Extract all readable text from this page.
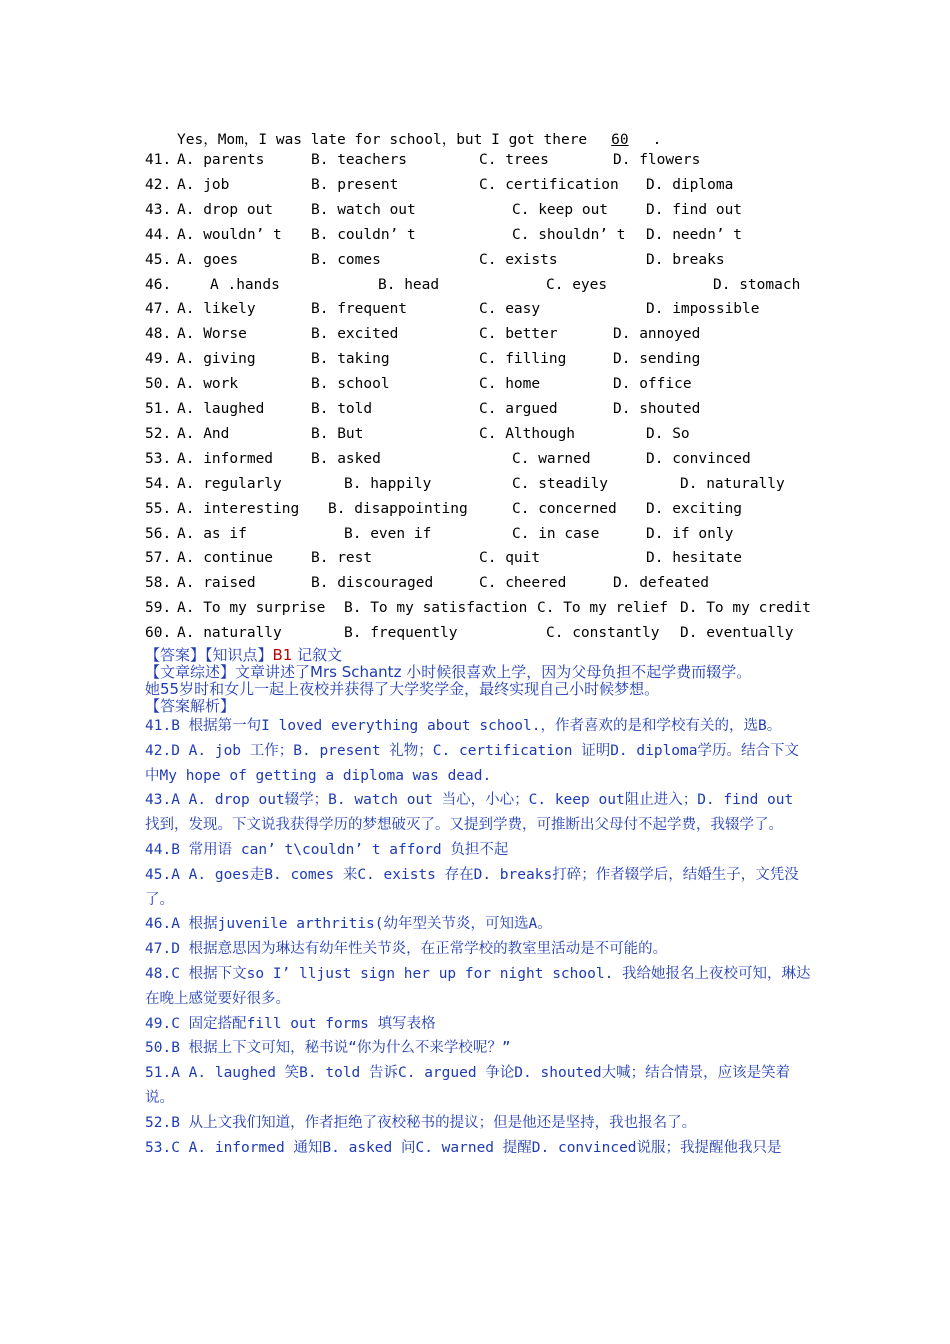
Yes，Mom，I was late for school，but I got there 60 .
41. A. parents	B. teachers	C. trees	D. flowers
42. A. job	B. present	C. certification D. diploma
43. A. drop out	B. watch out	C. keep out	D. find out
44. A. wouldn’ t B. couldn’ t	C. shouldn’ t D. needn’ t
45. A. goes	B. comes	C. exists	D. breaks
46.	A .hands	B. head	C. eyes	D. stomach
47. A. likely	B. frequent	C. easy	D. impossible
48. A. Worse	B. excited	C. better	D. annoyed
49. A. giving	B. taking	C. filling	D. sending
50. A. work	B. school	C. home	D. office
51. A. laughed	B. told	C. argued	D. shouted
52. A. And	B. But	C. Although	D. So
53. A. informed	B. asked	C. warned	D. convinced
54. A. regularly	B. happily	C. steadily	D. naturally
55. A. interesting B. disappointing	C. concerned D. exciting
56. A. as if	B. even if	C. in case	D. if only
57. A. continue	B. rest	C. quit	D. hesitate
58. A. raised	B. discouraged	C. cheered	D. defeated
59. A. To my surprise B. To my satisfaction C. To my relief D. To my credit
60. A. naturally	B. frequently	C. constantly D. eventually
【答案】【知识点】B1 记叙文
【文章综述】文章讲述了Mrs Schantz 小时候很喜欢上学，因为父母负担不起学费而辍学。
她55岁时和女儿一起上夜校并获得了大学奖学金，最终实现自己小时候梦想。
【答案解析】
41.B 根据第一句I loved everything about school.，作者喜欢的是和学校有关的，选B。
42.D A. job 工作；B. present 礼物；C. certification 证明D. diploma学历。结合下文中My hope of getting a diploma was dead.
43.A A. drop out辍学；B. watch out 当心，小心；C. keep out阻止进入；D. find out 找到，发现。下文说我获得学历的梦想破灭了。又提到学费，可推断出父母付不起学费，我辍学了。
44.B 常用语 can’ t\couldn’ t afford 负担不起
45.A A. goes走B. comes 来C. exists 存在D. breaks打碎；作者辍学后，结婚生子，文凭没了。
46.A 根据juvenile arthritis(幼年型关节炎，可知选A。
47.D 根据意思因为琳达有幼年性关节炎，在正常学校的教室里活动是不可能的。
48.C 根据下文so I’ lljust sign her up for night school. 我给她报名上夜校可知，琳达在晚上感觉要好很多。
49.C 固定搭配fill out forms 填写表格
50.B 根据上下文可知，秘书说“你为什么不来学校呢？”
51.A A. laughed 笑B. told 告诉C. argued 争论D. shouted大喊；结合情景，应该是笑着说。
52.B 从上文我们知道，作者拒绝了夜校秘书的提议；但是他还是坚持，我也报名了。
53.C A. informed 通知B. asked 问C. warned 提醒D. convinced说服；我提醒他我只是
